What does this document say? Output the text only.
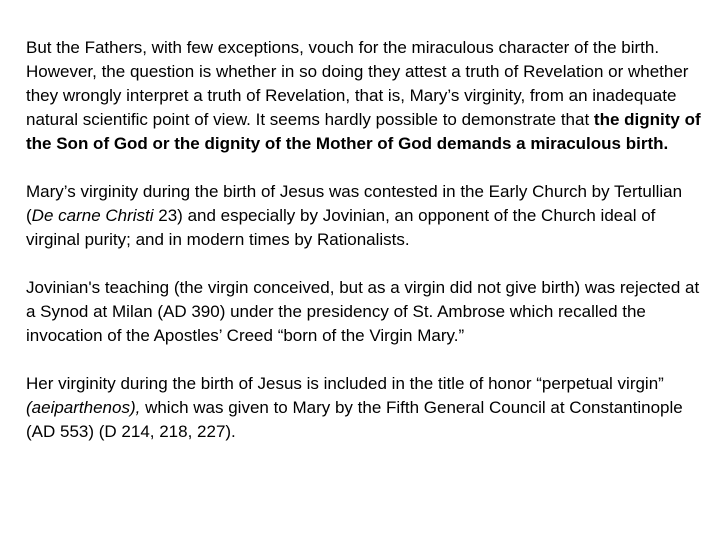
But the Fathers, with few exceptions, vouch for the miraculous character of the birth. However, the question is whether in so doing they attest a truth of Revelation or whether they wrongly interpret a truth of Revelation, that is, Mary’s virginity, from an inadequate natural scientific point of view. It seems hardly possible to demonstrate that the dignity of the Son of God or the dignity of the Mother of God demands a miraculous birth.

Mary’s virginity during the birth of Jesus was contested in the Early Church by Tertullian (De carne Christi 23) and especially by Jovinian, an opponent of the Church ideal of virginal purity; and in modern times by Rationalists.

Jovinian's teaching (the virgin conceived, but as a virgin did not give birth) was rejected at a Synod at Milan (AD 390) under the presidency of St. Ambrose which recalled the invocation of the Apostles’ Creed “born of the Virgin Mary.”

Her virginity during the birth of Jesus is included in the title of honor “perpetual virgin” (aeiparthenos), which was given to Mary by the Fifth General Council at Constantinople (AD 553) (D 214, 218, 227).
